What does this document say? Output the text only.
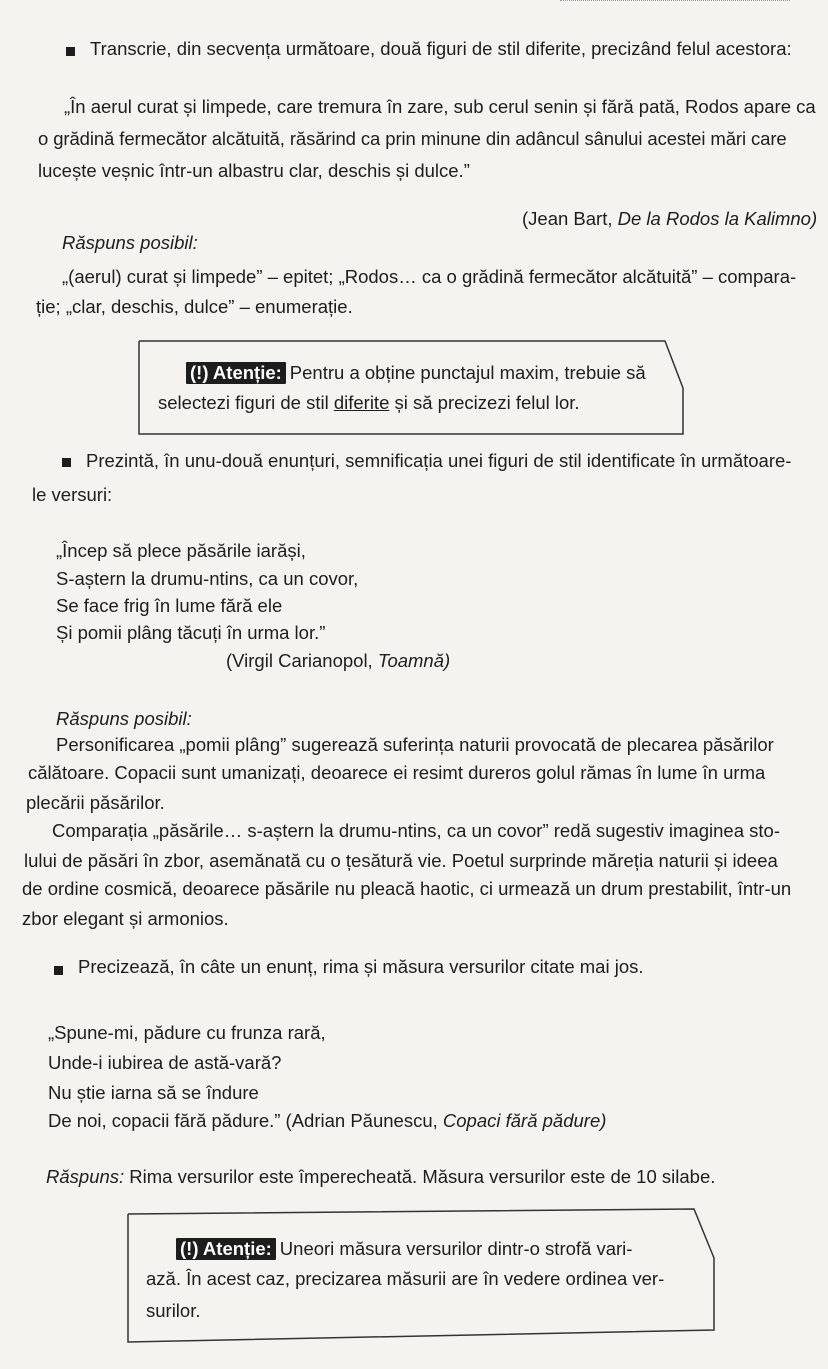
Transcrie, din secvența următoare, două figuri de stil diferite, precizând felul acestora:
„În aerul curat și limpede, care tremura în zare, sub cerul senin și fără pată, Rodos apare ca
o grădină fermecător alcătuită, răsărind ca prin minune din adâncul sânului acestei mări care
lucește veșnic într-un albastru clar, deschis și dulce.”
(Jean Bart, De la Rodos la Kalimno)
Răspuns posibil:
„(aerul) curat și limpede” – epitet; „Rodos… ca o grădină fermecător alcătuită” – compara-
ție; „clar, deschis, dulce” – enumerație.
(!) Atenție: Pentru a obține punctajul maxim, trebuie să
selectezi figuri de stil diferite și să precizezi felul lor.
Prezintă, în unu-două enunțuri, semnificația unei figuri de stil identificate în următoare-
le versuri:
„Încep să plece păsările iarăși,
S-aștern la drumu-ntins, ca un covor,
Se face frig în lume fără ele
Și pomii plâng tăcuți în urma lor.”
(Virgil Carianopol, Toamnă)
Răspuns posibil:
Personificarea „pomii plâng” sugerează suferința naturii provocată de plecarea păsărilor
călătoare. Copacii sunt umanizați, deoarece ei resimt dureros golul rămas în lume în urma
plecării păsărilor.
Comparația „păsările… s-aștern la drumu-ntins, ca un covor” redă sugestiv imaginea sto-
lului de păsări în zbor, asemănată cu o țesătură vie. Poetul surprinde măreția naturii și ideea
de ordine cosmică, deoarece păsările nu pleacă haotic, ci urmează un drum prestabilit, într-un
zbor elegant și armonios.
Precizează, în câte un enunț, rima și măsura versurilor citate mai jos.
„Spune-mi, pădure cu frunza rară,
Unde-i iubirea de astă-vară?
Nu știe iarna să se îndure
De noi, copacii fără pădure.” (Adrian Păunescu, Copaci fără pădure)
Răspuns: Rima versurilor este împerecheată. Măsura versurilor este de 10 silabe.
(!) Atenție: Uneori măsura versurilor dintr-o strofă vari-
ază. În acest caz, precizarea măsurii are în vedere ordinea ver-
surilor.
